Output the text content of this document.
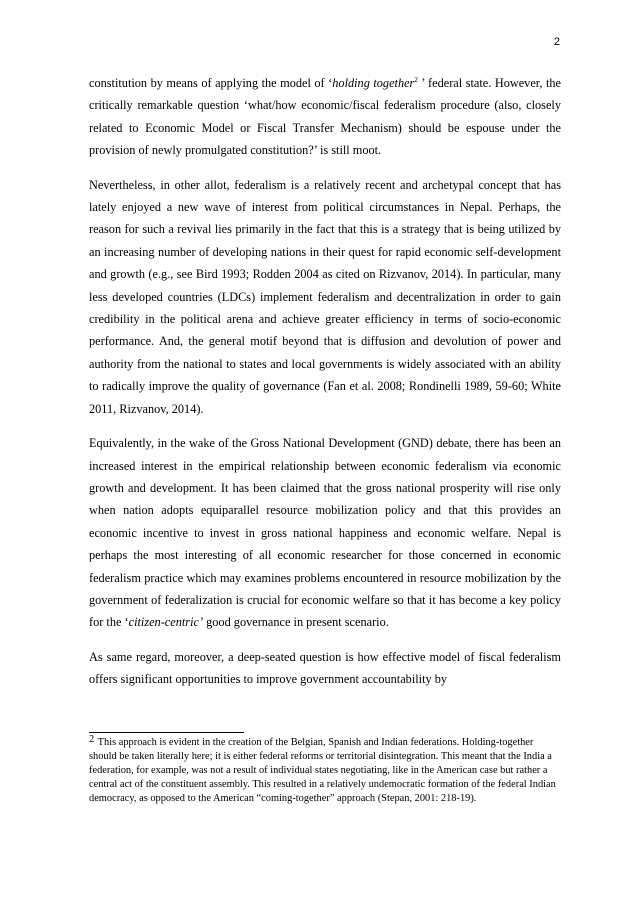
2

constitution by means of applying the model of ‘holding together$^2$ ’ federal state. However, the critically remarkable question ‘what/how economic/fiscal federalism procedure (also, closely related to Economic Model or Fiscal Transfer Mechanism) should be espouse under the provision of newly promulgated constitution?’ is still moot.

Nevertheless, in other allot, federalism is a relatively recent and archetypal concept that has lately enjoyed a new wave of interest from political circumstances in Nepal. Perhaps, the reason for such a revival lies primarily in the fact that this is a strategy that is being utilized by an increasing number of developing nations in their quest for rapid economic self-development and growth (e.g., see Bird 1993; Rodden 2004 as cited on Rizvanov, 2014). In particular, many less developed countries (LDCs) implement federalism and decentralization in order to gain credibility in the political arena and achieve greater efficiency in terms of socio-economic performance. And, the general motif beyond that is diffusion and devolution of power and authority from the national to states and local governments is widely associated with an ability to radically improve the quality of governance (Fan et al. 2008; Rondinelli 1989, 59-60; White 2011, Rizvanov, 2014).

Equivalently, in the wake of the Gross National Development (GND) debate, there has been an increased interest in the empirical relationship between economic federalism via economic growth and development. It has been claimed that the gross national prosperity will rise only when nation adopts equiparallel resource mobilization policy and that this provides an economic incentive to invest in gross national happiness and economic welfare. Nepal is perhaps the most interesting of all economic researcher for those concerned in economic federalism practice which may examines problems encountered in resource mobilization by the government of federalization is crucial for economic welfare so that it has become a key policy for the ‘citizen-centric’ good governance in present scenario.

As same regard, moreover, a deep-seated question is how effective model of fiscal federalism offers significant opportunities to improve government accountability by

2 This approach is evident in the creation of the Belgian, Spanish and Indian federations. Holding-together should be taken literally here; it is either federal reforms or territorial disintegration. This meant that the India a federation, for example, was not a result of individual states negotiating, like in the American case but rather a central act of the constituent assembly. This resulted in a relatively undemocratic formation of the federal Indian democracy, as opposed to the American “coming-together” approach (Stepan, 2001: 218-19).
